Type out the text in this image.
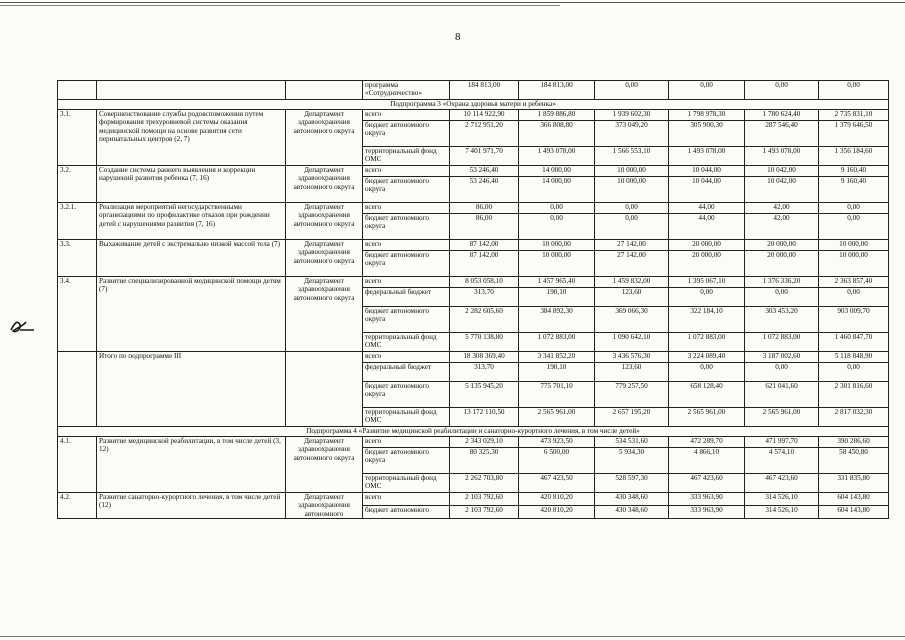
8
			программа «Сотрудничество»	184 813,00	184 813,00	0,00	0,00	0,00	0,00
Подпрограмма 3 «Охрана здоровья матери и ребенка»									
3.1.	Совершенствование службы родовспоможения путем формирования трехуровневой системы оказания медицинской помощи на основе развития сети перинатальных центров (2, 7)	Департамент здравоохранения автономного округа	всего	10 114 922,90	1 859 886,80	1 939 602,30	1 798 978,30	1 780 624,40	2 735 831,10
			бюджет автономного округа	2 712 951,20	366 808,80	373 049,20	305 900,30	287 546,40	1 379 646,50
			территориальный фонд ОМС	7 401 971,70	1 493 078,00	1 566 553,10	1 493 078,00	1 493 078,00	1 356 184,60
3.2.	Создание системы раннего выявления и коррекции нарушений развития ребенка (7, 16)	Департамент здравоохранения автономного округа	всего	53 246,40	14 000,00	10 000,00	10 044,00	10 042,00	9 160,40
			бюджет автономного округа	53 246,40	14 000,00	10 000,00	10 044,00	10 042,00	9 160,40
3.2.1.	Реализация мероприятий негосударственными организациями по профилактике отказов при рождении детей с нарушениями развития (7, 16)	Департамент здравоохранения автономного округа	всего	86,00	0,00	0,00	44,00	42,00	0,00
			бюджет автономного округа	86,00	0,00	0,00	44,00	42,00	0,00
3.3.	Выхаживание детей с экстремально низкой массой тела (7)	Департамент здравоохранения автономного округа	всего	87 142,00	10 000,00	27 142,00	20 000,00	20 000,00	10 000,00
			бюджет автономного округа	87 142,00	10 000,00	27 142,00	20 000,00	20 000,00	10 000,00
3.4.	Развитие специализированной медицинской помощи детям (7)	Департамент здравоохранения автономного округа	всего	8 053 058,10	1 457 965,40	1 459 832,00	1 395 067,10	1 376 336,20	2 363 857,40
			федеральный бюджет	313,70	190,10	123,60	0,00	0,00	0,00
			бюджет автономного округа	2 282 605,60	384 892,30	369 066,30	322 184,10	303 453,20	903 009,70
			территориальный фонд ОМС	5 770 138,80	1 072 883,00	1 090 642,10	1 072 883,00	1 072 883,00	1 460 847,70
	Итого по подпрограмме III		всего	18 308 369,40	3 341 852,20	3 436 576,30	3 224 089,40	3 187 002,60	5 118 848,90
			федеральный бюджет	313,70	190,10	123,60	0,00	0,00	0,00
			бюджет автономного округа	5 135 945,20	775 701,10	779 257,50	658 128,40	621 041,60	2 301 816,60
			территориальный фонд ОМС	13 172 110,50	2 565 961,00	2 657 195,20	2 565 961,00	2 565 961,00	2 817 032,30
Подпрограмма 4 «Развитие медицинской реабилитации и санаторно-курортного лечения, в том числе детей»									
4.1.	Развитие медицинской реабилитации, в том числе детей (3, 12)	Департамент здравоохранения автономного округа	всего	2 343 029,10	473 923,50	534 531,60	472 289,70	471 997,70	390 286,60
			бюджет автономного округа	80 325,30	6 500,00	5 934,30	4 866,10	4 574,10	58 450,80
			территориальный фонд ОМС	2 262 703,80	467 423,50	528 597,30	467 423,60	467 423,60	331 835,80
4.2.	Развитие санаторно-курортного лечения, в том числе детей (12)	Департамент здравоохранения автономного	всего	2 103 792,60	420 810,20	430 348,60	333 963,90	314 526,10	604 143,80
			бюджет автономного	2 103 792,60	420 810,20	430 348,60	333 963,90	314 526,10	604 143,80
